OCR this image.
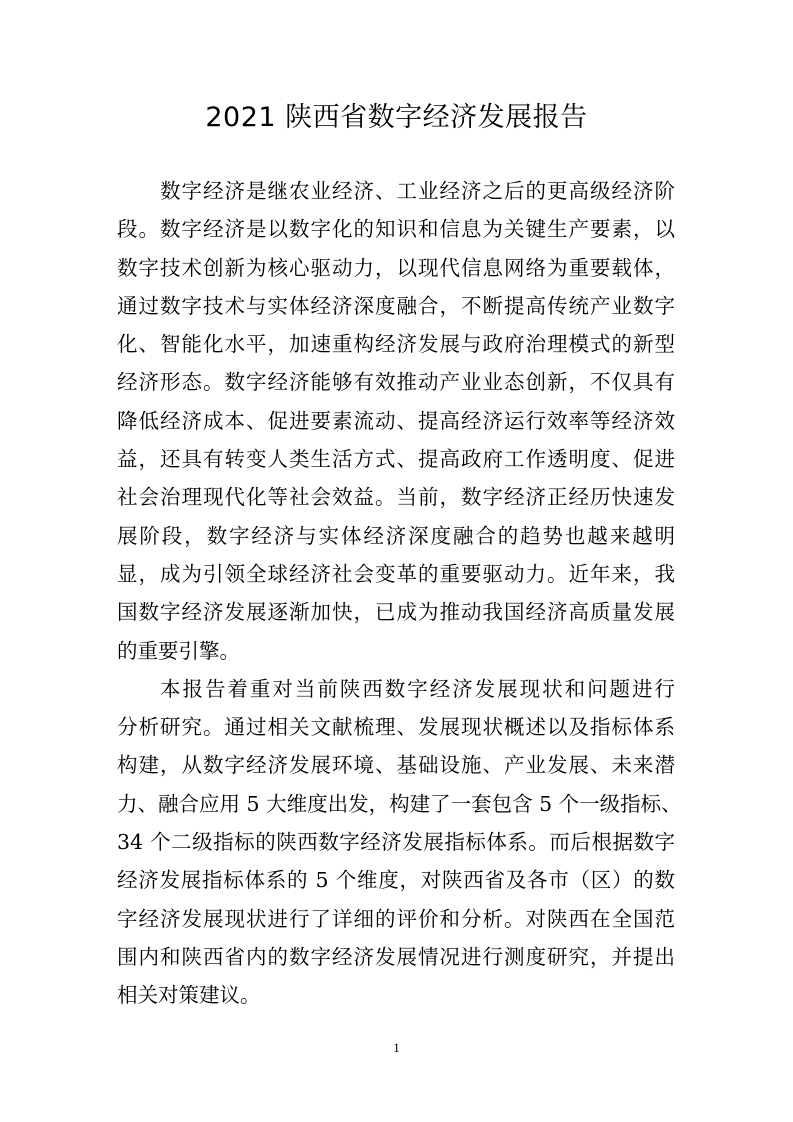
2021 陕西省数字经济发展报告
数字经济是继农业经济、工业经济之后的更高级经济阶
段。数字经济是以数字化的知识和信息为关键生产要素，以
数字技术创新为核心驱动力，以现代信息网络为重要载体，
通过数字技术与实体经济深度融合，不断提高传统产业数字
化、智能化水平，加速重构经济发展与政府治理模式的新型
经济形态。数字经济能够有效推动产业业态创新，不仅具有
降低经济成本、促进要素流动、提高经济运行效率等经济效
益，还具有转变人类生活方式、提高政府工作透明度、促进
社会治理现代化等社会效益。当前，数字经济正经历快速发
展阶段，数字经济与实体经济深度融合的趋势也越来越明
显，成为引领全球经济社会变革的重要驱动力。近年来，我
国数字经济发展逐渐加快，已成为推动我国经济高质量发展
的重要引擎。
本报告着重对当前陕西数字经济发展现状和问题进行
分析研究。通过相关文献梳理、发展现状概述以及指标体系
构建，从数字经济发展环境、基础设施、产业发展、未来潜
力、融合应用 5 大维度出发，构建了一套包含 5 个一级指标、
34 个二级指标的陕西数字经济发展指标体系。而后根据数字
经济发展指标体系的 5 个维度，对陕西省及各市（区）的数
字经济发展现状进行了详细的评价和分析。对陕西在全国范
围内和陕西省内的数字经济发展情况进行测度研究，并提出
相关对策建议。
1
